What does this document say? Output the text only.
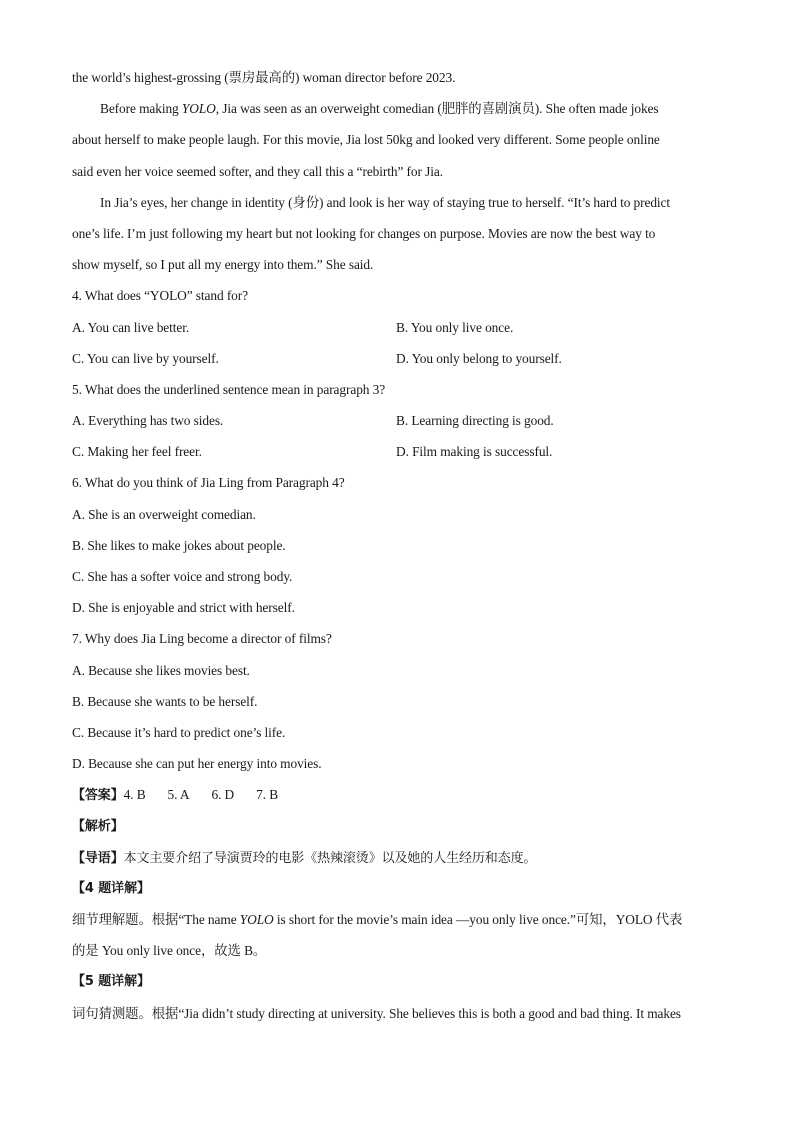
the world’s highest-grossing (票房最高的) woman director before 2023.
Before making YOLO, Jia was seen as an overweight comedian (肥胖的喜剧演员). She often made jokes
about herself to make people laugh. For this movie, Jia lost 50kg and looked very different. Some people online
said even her voice seemed softer, and they call this a “rebirth” for Jia.
In Jia’s eyes, her change in identity (身份) and look is her way of staying true to herself. “It’s hard to predict
one’s life. I’m just following my heart but not looking for changes on purpose. Movies are now the best way to
show myself, so I put all my energy into them.” She said.
4. What does “YOLO” stand for?
A. You can live better.	B. You only live once.
C. You can live by yourself.	D. You only belong to yourself.
5. What does the underlined sentence mean in paragraph 3?
A. Everything has two sides.	B. Learning directing is good.
C. Making her feel freer.	D. Film making is successful.
6. What do you think of Jia Ling from Paragraph 4?
A. She is an overweight comedian.
B. She likes to make jokes about people.
C. She has a softer voice and strong body.
D. She is enjoyable and strict with herself.
7. Why does Jia Ling become a director of films?
A. Because she likes movies best.
B. Because she wants to be herself.
C. Because it’s hard to predict one’s life.
D. Because she can put her energy into movies.
【答案】4. B 5. A 6. D 7. B
【解析】
【导语】本文主要介绍了导演贾玲的电影《热辣滚烫》以及她的人生经历和态度。
【4 题详解】
细节理解题。根据“The name YOLO is short for the movie’s main idea —you only live once.”可知，YOLO 代表
的是 You only live once，故选 B。
【5 题详解】
词句猜测题。根据“Jia didn’t study directing at university. She believes this is both a good and bad thing. It makes
